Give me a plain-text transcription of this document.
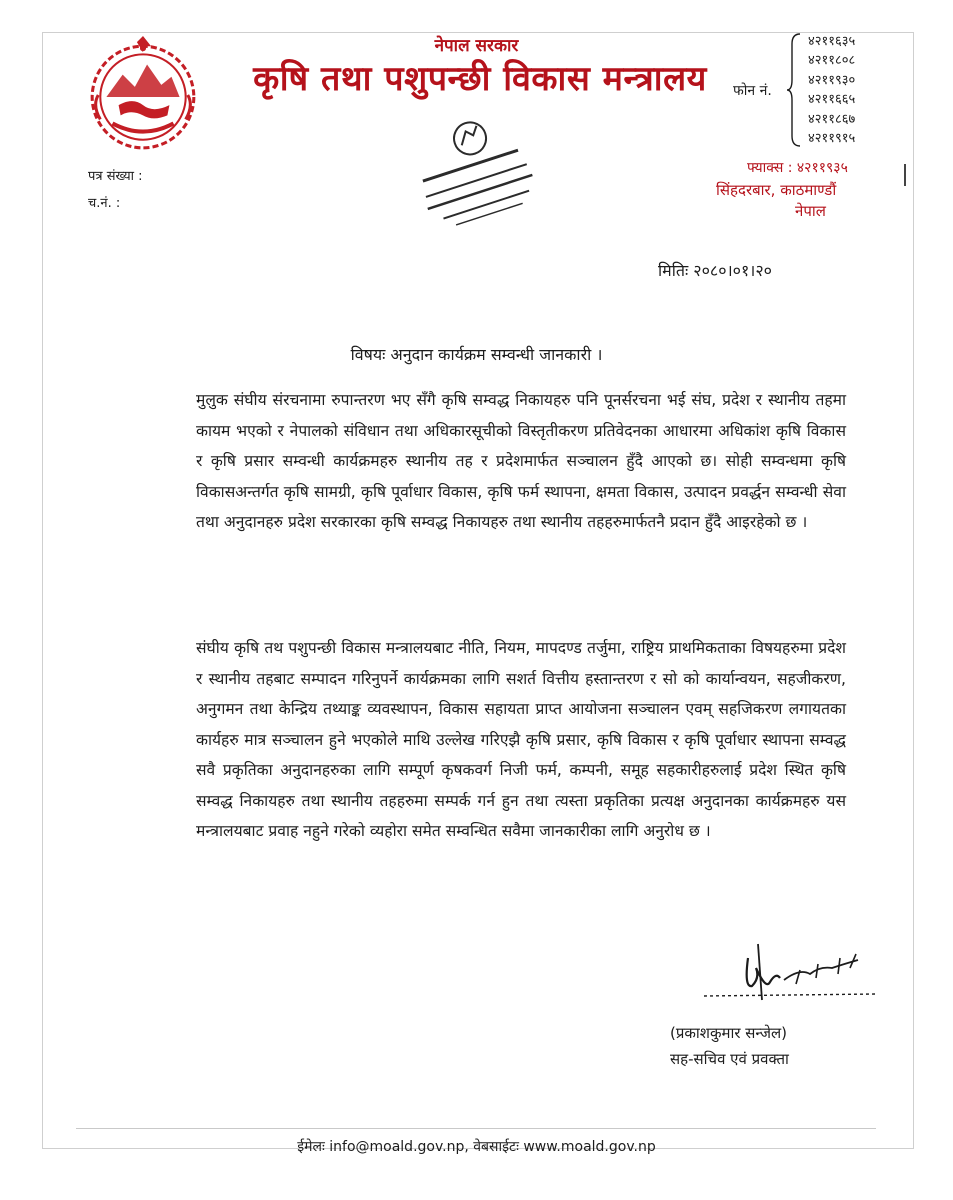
नेपाल सरकार
कृषि तथा पशुपन्छी विकास मन्त्रालय	फोन नं.
४२११६३५
४२११८०८
४२११९३०
४२११६६५
४२११८६७
४२११९१५
फ्याक्स : ४२११९३५
सिंहदरबार, काठमाण्डौं
नेपाल
पत्र संख्या :
च.नं. :
मितिः २०८०।०१।२०
विषयः अनुदान कार्यक्रम सम्वन्धी जानकारी ।
मुलुक संघीय संरचनामा रुपान्तरण भए सँगै कृषि सम्वद्ध निकायहरु पनि पूनर्सरचना भई संघ, प्रदेश र स्थानीय तहमा कायम भएको र नेपालको संविधान तथा अधिकारसूचीको विस्तृतीकरण प्रतिवेदनका आधारमा अधिकांश कृषि विकास र कृषि प्रसार सम्वन्धी कार्यक्रमहरु स्थानीय तह र प्रदेशमार्फत सञ्चालन हुँदै आएको छ। सोही सम्वन्धमा कृषि विकासअन्तर्गत कृषि सामग्री, कृषि पूर्वाधार विकास, कृषि फर्म स्थापना, क्षमता विकास, उत्पादन प्रवर्द्धन सम्वन्धी सेवा तथा अनुदानहरु प्रदेश सरकारका कृषि सम्वद्ध निकायहरु तथा स्थानीय तहहरुमार्फतनै प्रदान हुँदै आइरहेको छ ।
संघीय कृषि तथ पशुपन्छी विकास मन्त्रालयबाट नीति, नियम, मापदण्ड तर्जुमा, राष्ट्रिय प्राथमिकताका विषयहरुमा प्रदेश र स्थानीय तहबाट सम्पादन गरिनुपर्ने कार्यक्रमका लागि सशर्त वित्तीय हस्तान्तरण र सो को कार्यान्वयन, सहजीकरण, अनुगमन तथा केन्द्रिय तथ्याङ्क व्यवस्थापन, विकास सहायता प्राप्त आयोजना सञ्चालन एवम् सहजिकरण लगायतका कार्यहरु मात्र सञ्चालन हुने भएकोले माथि उल्लेख गरिएझै कृषि प्रसार, कृषि विकास र कृषि पूर्वाधार स्थापना सम्वद्ध सवै प्रकृतिका अनुदानहरुका लागि सम्पूर्ण कृषकवर्ग निजी फर्म, कम्पनी, समूह सहकारीहरुलाई प्रदेश स्थित कृषि सम्वद्ध निकायहरु तथा स्थानीय तहहरुमा सम्पर्क गर्न हुन तथा त्यस्ता प्रकृतिका प्रत्यक्ष अनुदानका कार्यक्रमहरु यस मन्त्रालयबाट प्रवाह नहुने गरेको व्यहोरा समेत सम्वन्धित सवैमा जानकारीका लागि अनुरोध छ ।
(प्रकाशकुमार सन्जेल)
सह-सचिव एवं प्रवक्ता
ईमेलः info@moald.gov.np, वेबसाईटः www.moald.gov.np
